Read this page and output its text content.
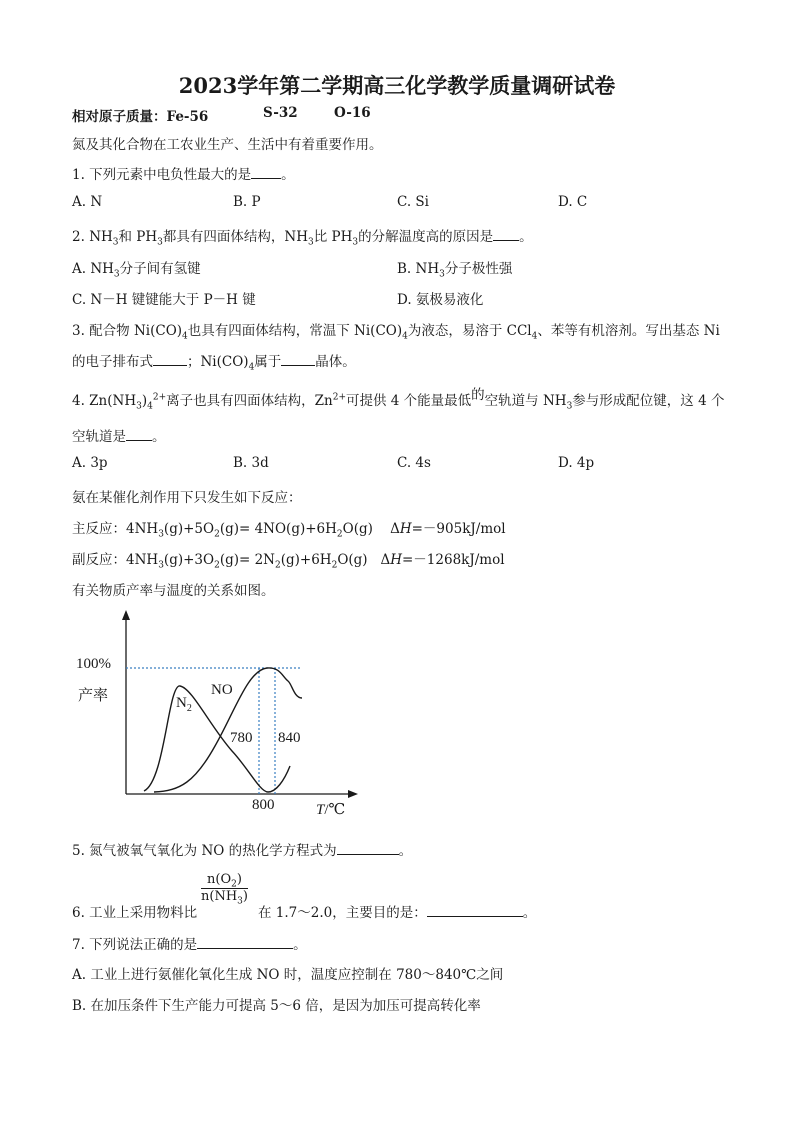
2023学年第二学期高三化学教学质量调研试卷
相对原子质量：Fe-56	S-32	O-16
氮及其化合物在工农业生产、生活中有着重要作用。
1. 下列元素中电负性最大的是 。
A. N	B. P	C. Si	D. C
2. $NH_3$和 $PH_3$都具有四面体结构，$NH_3$比 $PH_3$的分解温度高的原因是 。
A. $NH_3$分子间有氢键	B. $NH_3$分子极性强
C. N－H 键键能大于 P－H 键	D. 氨极易液化
3. 配合物 $Ni(CO)_4$也具有四面体结构，常温下 $Ni(CO)_4$为液态，易溶于 CCl$_4$、苯等有机溶剂。写出基态 Ni
的电子排布式	；$Ni(CO)_4$属于	晶体。
4. $Zn(NH_3)_4^{2+}$离子也具有四面体结构，$Zn^{2+}$可提供 4 个能量最低的空轨道与 $NH_3$参与形成配位键，这 4 个
空轨道是 。
A. 3p	B. 3d	C. 4s	D. 4p
氨在某催化剂作用下只发生如下反应：
主反应：$4NH_3(g)+5O_2(g)= 4NO(g)+6H_2O(g)$ ΔH=－905kJ/mol
副反应：$4NH_3(g)+3O_2(g)= 2N_2(g)+6H_2O(g)$ ΔH=－1268kJ/mol
有关物质产率与温度的关系如图。
100%
产率	$N_2$
NO
780 840
800	T/℃
5. 氮气被氧气氧化为 NO 的热化学方程式为	。
$\frac{n(O_2)}{n(NH_3)}$
6. 工业上采用物料比	在 1.7～2.0，主要目的是：	。
7. 下列说法正确的是	。
A. 工业上进行氨催化氧化生成 NO 时，温度应控制在 780～840℃之间
B. 在加压条件下生产能力可提高 5～6 倍，是因为加压可提高转化率
